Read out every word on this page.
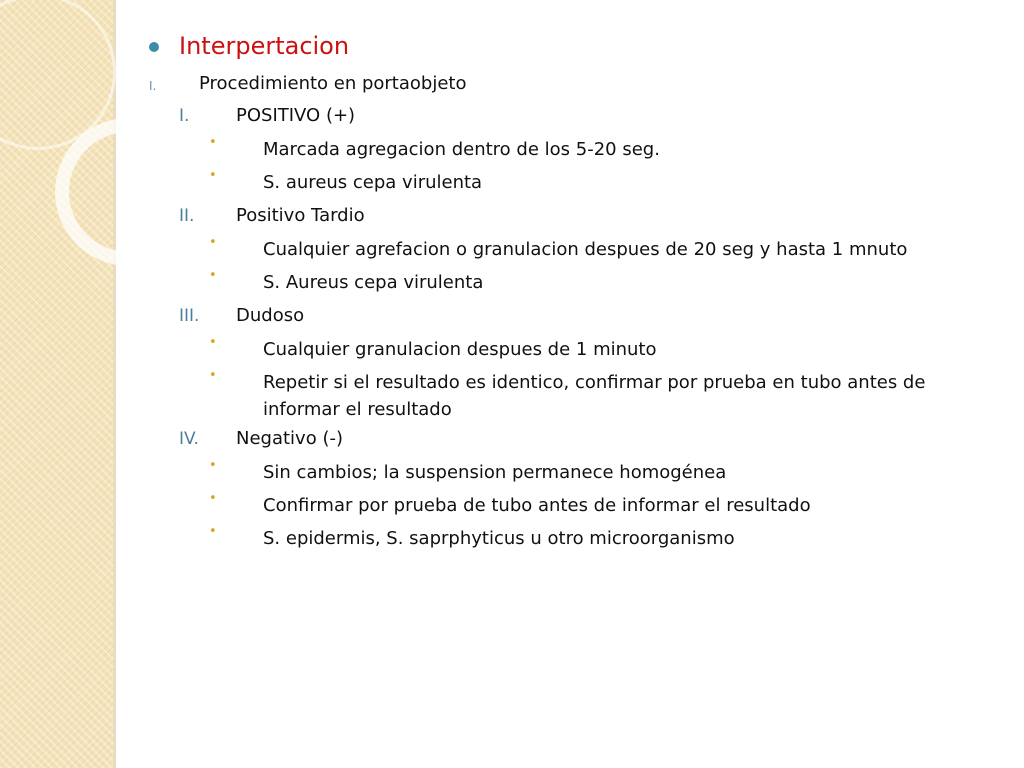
Interpertacion
I. Procedimiento en portaobjeto
I.	POSITIVO (+)
•	Marcada agregacion dentro de los 5-20 seg.
•	S. aureus cepa virulenta
II. Positivo Tardio
•	Cualquier agrefacion o granulacion despues de 20 seg y hasta 1 mnuto
•	S. Aureus cepa virulenta
III. Dudoso
•	Cualquier granulacion despues de 1 minuto
•	Repetir si el resultado es identico, confirmar por prueba en tubo antes de informar el resultado
IV. Negativo (-)
•	Sin cambios; la suspension permanece homogénea
•	Confirmar por prueba de tubo antes de informar el resultado
•	S. epidermis, S. saprphyticus u otro microorganismo
